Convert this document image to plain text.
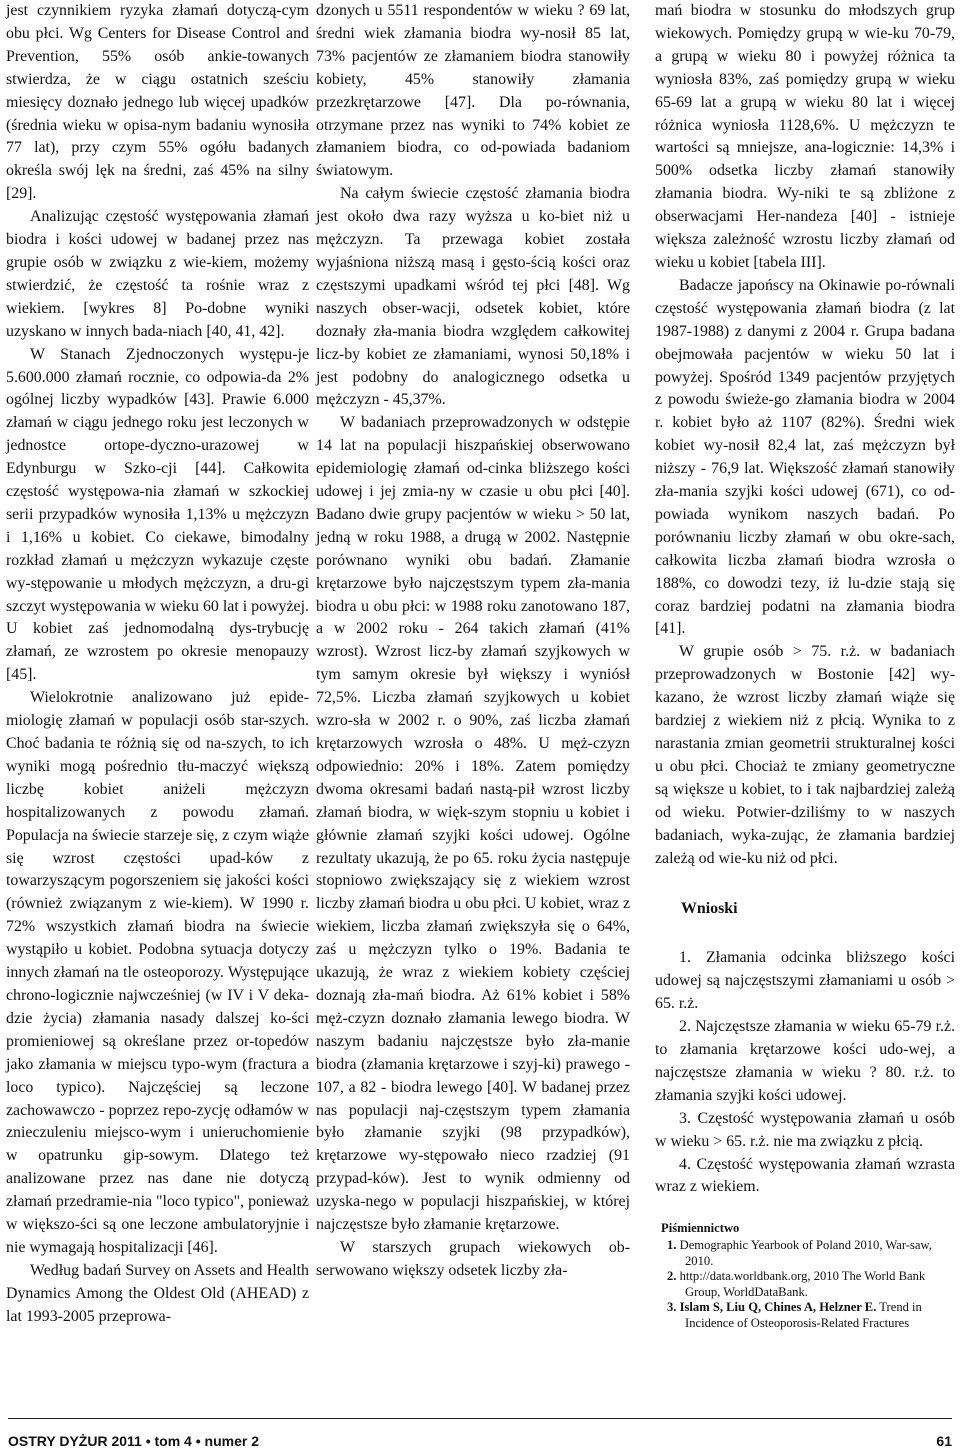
jest czynnikiem ryzyka złamań dotyczą-cym obu płci. Wg Centers for Disease Control and Prevention, 55% osób ankie-towanych stwierdza, że w ciągu ostatnich sześciu miesięcy doznało jednego lub więcej upadków (średnia wieku w opisa-nym badaniu wynosiła 77 lat), przy czym 55% ogółu badanych określa swój lęk na średni, zaś 45% na silny [29].

Analizując częstość występowania złamań biodra i kości udowej w badanej przez nas grupie osób w związku z wie-kiem, możemy stwierdzić, że częstość ta rośnie wraz z wiekiem. [wykres 8] Po-dobne wyniki uzyskano w innych bada-niach [40, 41, 42].

W Stanach Zjednoczonych występu-je 5.600.000 złamań rocznie, co odpowia-da 2% ogólnej liczby wypadków [43]. Prawie 6.000 złamań w ciągu jednego roku jest leczonych w jednostce ortope-dyczno-urazowej w Edynburgu w Szko-cji [44]. Całkowita częstość występowa-nia złamań w szkockiej serii przypadków wynosiła 1,13% u mężczyzn i 1,16% u kobiet. Co ciekawe, bimodalny rozkład złamań u mężczyzn wykazuje częste wy-stępowanie u młodych mężczyzn, a dru-gi szczyt występowania w wieku 60 lat i powyżej. U kobiet zaś jednomodalną dys-trybucję złamań, ze wzrostem po okresie menopauzy [45].

Wielokrotnie analizowano już epide-miologię złamań w populacji osób star-szych. Choć badania te różnią się od na-szych, to ich wyniki mogą pośrednio tłu-maczyć większą liczbę kobiet aniżeli mężczyzn hospitalizowanych z powodu złamań. Populacja na świecie starzeje się, z czym wiąże się wzrost częstości upad-ków z towarzyszącym pogorszeniem się jakości kości (również związanym z wie-kiem). W 1990 r. 72% wszystkich złamań biodra na świecie wystąpiło u kobiet. Podobna sytuacja dotyczy innych złamań na tle osteoporozy. Występujące chrono-logicznie najwcześniej (w IV i V deka-dzie życia) złamania nasady dalszej ko-ści promieniowej są określane przez or-topedów jako złamania w miejscu typo-wym (fractura a loco typico). Najczęściej są leczone zachowawczo - poprzez repo-zycję odłamów w znieczuleniu miejsco-wym i unieruchomienie w opatrunku gip-sowym. Dlatego też analizowane przez nas dane nie dotyczą złamań przedramie-nia "loco typico", ponieważ w większo-ści są one leczone ambulatoryjnie i nie wymagają hospitalizacji [46].

Według badań Survey on Assets and Health Dynamics Among the Oldest Old (AHEAD) z lat 1993-2005 przeprowa-

dzonych u 5511 respondentów w wieku ? 69 lat, średni wiek złamania biodra wy-nosił 85 lat, 73% pacjentów ze złamaniem biodra stanowiły kobiety, 45% stanowiły złamania przezkrętarzowe [47]. Dla po-równania, otrzymane przez nas wyniki to 74% kobiet ze złamaniem biodra, co od-powiada badaniom światowym.

Na całym świecie częstość złamania biodra jest około dwa razy wyższa u ko-biet niż u mężczyzn. Ta przewaga kobiet została wyjaśniona niższą masą i gęsto-ścią kości oraz częstszymi upadkami wśród tej płci [48]. Wg naszych obser-wacji, odsetek kobiet, które doznały zła-mania biodra względem całkowitej licz-by kobiet ze złamaniami, wynosi 50,18% i jest podobny do analogicznego odsetka u mężczyzn - 45,37%.

W badaniach przeprowadzonych w odstępie 14 lat na populacji hiszpańskiej obserwowano epidemiologię złamań od-cinka bliższego kości udowej i jej zmia-ny w czasie u obu płci [40]. Badano dwie grupy pacjentów w wieku > 50 lat, jedną w roku 1988, a drugą w 2002. Następnie porównano wyniki obu badań. Złamanie krętarzowe było najczęstszym typem zła-mania biodra u obu płci: w 1988 roku zanotowano 187, a w 2002 roku - 264 takich złamań (41% wzrost). Wzrost licz-by złamań szyjkowych w tym samym okresie był większy i wyniósł 72,5%. Liczba złamań szyjkowych u kobiet wzro-sła w 2002 r. o 90%, zaś liczba złamań krętarzowych wzrosła o 48%. U męż-czyzn odpowiednio: 20% i 18%. Zatem pomiędzy dwoma okresami badań nastą-pił wzrost liczby złamań biodra, w więk-szym stopniu u kobiet i głównie złamań szyjki kości udowej. Ogólne rezultaty ukazują, że po 65. roku życia następuje stopniowo zwiększający się z wiekiem wzrost liczby złamań biodra u obu płci. U kobiet, wraz z wiekiem, liczba złamań zwiększyła się o 64%, zaś u mężczyzn tylko o 19%. Badania te ukazują, że wraz z wiekiem kobiety częściej doznają zła-mań biodra. Aż 61% kobiet i 58% męż-czyzn doznało złamania lewego biodra. W naszym badaniu najczęstsze było zła-manie biodra (złamania krętarzowe i szyj-ki) prawego - 107, a 82 - biodra lewego [40]. W badanej przez nas populacji naj-częstszym typem złamania było złamanie szyjki (98 przypadków), krętarzowe wy-stępowało nieco rzadziej (91 przypad-ków). Jest to wynik odmienny od uzyska-nego w populacji hiszpańskiej, w której najczęstsze było złamanie krętarzowe.

W starszych grupach wiekowych ob-serwowano większy odsetek liczby zła-

mań biodra w stosunku do młodszych grup wiekowych. Pomiędzy grupą w wie-ku 70-79, a grupą w wieku 80 i powyżej różnica ta wyniosła 83%, zaś pomiędzy grupą w wieku 65-69 lat a grupą w wieku 80 lat i więcej różnica wyniosła 1128,6%. U mężczyzn te wartości są mniejsze, ana-logicznie: 14,3% i 500% odsetka liczby złamań stanowiły złamania biodra. Wy-niki te są zbliżone z obserwacjami Her-nandeza [40] - istnieje większa zależność wzrostu liczby złamań od wieku u kobiet [tabela III].

Badacze japońscy na Okinawie po-równali częstość występowania złamań biodra (z lat 1987-1988) z danymi z 2004 r. Grupa badana obejmowała pacjentów w wieku 50 lat i powyżej. Spośród 1349 pacjentów przyjętych z powodu świeże-go złamania biodra w 2004 r. kobiet było aż 1107 (82%). Średni wiek kobiet wy-nosił 82,4 lat, zaś mężczyzn był niższy - 76,9 lat. Większość złamań stanowiły zła-mania szyjki kości udowej (671), co od-powiada wynikom naszych badań. Po porównaniu liczby złamań w obu okre-sach, całkowita liczba złamań biodra wzrosła o 188%, co dowodzi tezy, iż lu-dzie stają się coraz bardziej podatni na złamania biodra [41].

W grupie osób > 75. r.ż. w badaniach przeprowadzonych w Bostonie [42] wy-kazano, że wzrost liczby złamań wiąże się bardziej z wiekiem niż z płcią. Wynika to z narastania zmian geometrii strukturalnej kości u obu płci. Chociaż te zmiany geometryczne są większe u kobiet, to i tak najbardziej zależą od wieku. Potwier-dziliśmy to w naszych badaniach, wyka-zując, że złamania bardziej zależą od wie-ku niż od płci.

Wnioski

1. Złamania odcinka bliższego kości udowej są najczęstszymi złamaniami u osób > 65. r.ż.

2. Najczęstsze złamania w wieku 65-79 r.ż. to złamania krętarzowe kości udo-wej, a najczęstsze złamania w wieku ? 80. r.ż. to złamania szyjki kości udowej.

3. Częstość występowania złamań u osób w wieku > 65. r.ż. nie ma związku z płcią.

4. Częstość występowania złamań wzrasta wraz z wiekiem.

Piśmiennictwo
1. Demographic Yearbook of Poland 2010, War-saw, 2010.
2. http://data.worldbank.org, 2010 The World Bank Group, WorldDataBank.
3. Islam S, Liu Q, Chines A, Helzner E. Trend in Incidence of Osteoporosis-Related Fractures
OSTRY DYŻUR 2011 • tom 4 • numer 2	61
